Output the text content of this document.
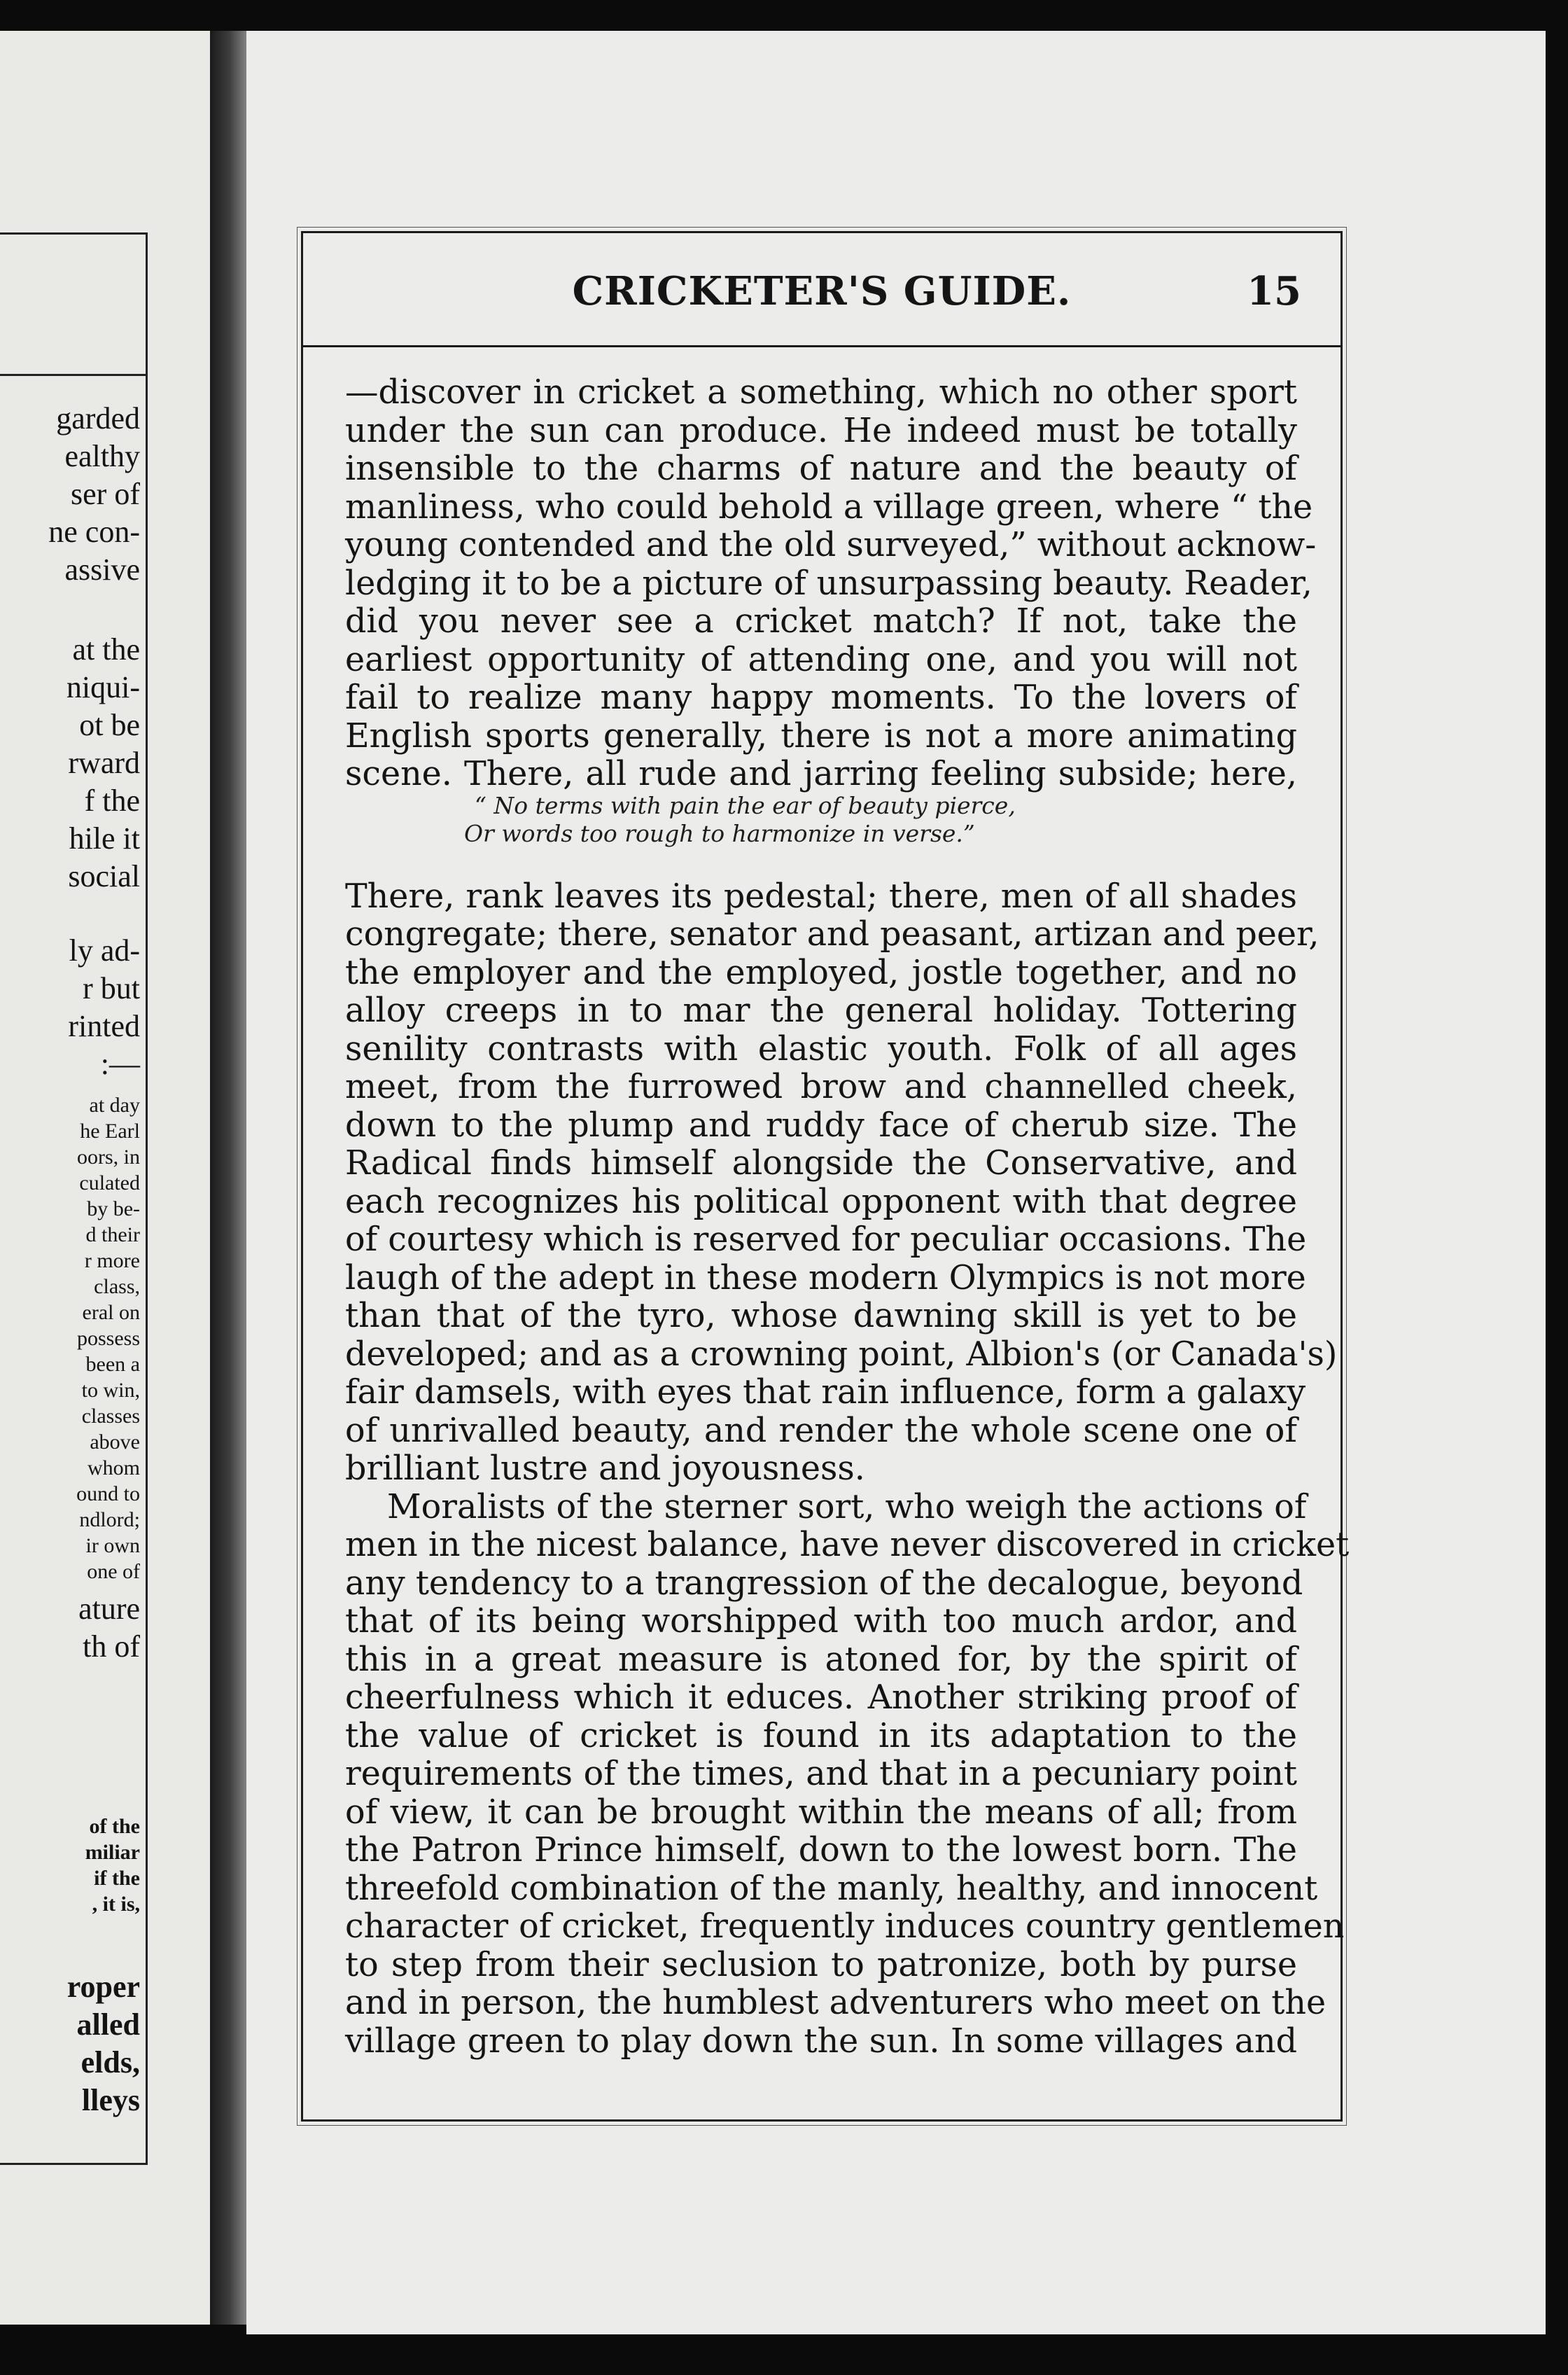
garded
ealthy
ser of
ne con-
assive
at the
niqui-
ot be
rward
f the
hile it
social
ly ad-
r but
rinted
:—
at day
he Earl
oors, in
culated
by be-
d their
r more
class,
eral on
possess
been a
to win,
classes
above
whom
ound to
ndlord;
ir own
one of
ature
th of
of the
miliar
if the
, it is,
roper
alled
elds,
lleys
CRICKETER'S GUIDE.	15
—discover in cricket a something, which no other sport
under the sun can produce. He indeed must be totally
insensible to the charms of nature and the beauty of
manliness, who could behold a village green, where “ the
young contended and the old surveyed,” without acknow-
ledging it to be a picture of unsurpassing beauty. Reader,
did you never see a cricket match? If not, take the
earliest opportunity of attending one, and you will not
fail to realize many happy moments. To the lovers of
English sports generally, there is not a more animating
scene. There, all rude and jarring feeling subside; here,
“ No terms with pain the ear of beauty pierce,
Or words too rough to harmonize in verse.”
There, rank leaves its pedestal; there, men of all shades
congregate; there, senator and peasant, artizan and peer,
the employer and the employed, jostle together, and no
alloy creeps in to mar the general holiday. Tottering
senility contrasts with elastic youth. Folk of all ages
meet, from the furrowed brow and channelled cheek,
down to the plump and ruddy face of cherub size. The
Radical finds himself alongside the Conservative, and
each recognizes his political opponent with that degree
of courtesy which is reserved for peculiar occasions. The
laugh of the adept in these modern Olympics is not more
than that of the tyro, whose dawning skill is yet to be
developed; and as a crowning point, Albion's (or Canada's)
fair damsels, with eyes that rain influence, form a galaxy
of unrivalled beauty, and render the whole scene one of
brilliant lustre and joyousness.
Moralists of the sterner sort, who weigh the actions of
men in the nicest balance, have never discovered in cricket
any tendency to a trangression of the decalogue, beyond
that of its being worshipped with too much ardor, and
this in a great measure is atoned for, by the spirit of
cheerfulness which it educes. Another striking proof of
the value of cricket is found in its adaptation to the
requirements of the times, and that in a pecuniary point
of view, it can be brought within the means of all; from
the Patron Prince himself, down to the lowest born. The
threefold combination of the manly, healthy, and innocent
character of cricket, frequently induces country gentlemen
to step from their seclusion to patronize, both by purse
and in person, the humblest adventurers who meet on the
village green to play down the sun. In some villages and
